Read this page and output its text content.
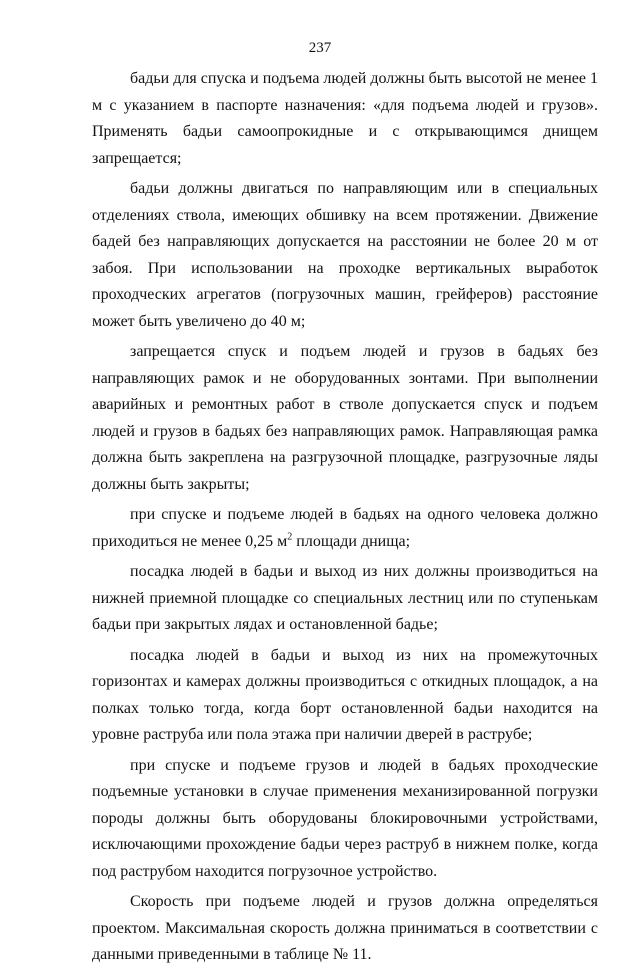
237

бадьи для спуска и подъема людей должны быть высотой не менее 1 м с указанием в паспорте назначения: «для подъема людей и грузов». Применять бадьи самоопрокидные и с открывающимся днищем запрещается;

бадьи должны двигаться по направляющим или в специальных отделениях ствола, имеющих обшивку на всем протяжении. Движение бадей без направляющих допускается на расстоянии не более 20 м от забоя. При использовании на проходке вертикальных выработок проходческих агрегатов (погрузочных машин, грейферов) расстояние может быть увеличено до 40 м;

запрещается спуск и подъем людей и грузов в бадьях без направляющих рамок и не оборудованных зонтами. При выполнении аварийных и ремонтных работ в стволе допускается спуск и подъем людей и грузов в бадьях без направляющих рамок. Направляющая рамка должна быть закреплена на разгрузочной площадке, разгрузочные ляды должны быть закрыты;

при спуске и подъеме людей в бадьях на одного человека должно приходиться не менее 0,25 $м^2$ площади днища;

посадка людей в бадьи и выход из них должны производиться на нижней приемной площадке со специальных лестниц или по ступенькам бадьи при закрытых лядах и остановленной бадье;

посадка людей в бадьи и выход из них на промежуточных горизонтах и камерах должны производиться с откидных площадок, а на полках только тогда, когда борт остановленной бадьи находится на уровне раструба или пола этажа при наличии дверей в раструбе;

при спуске и подъеме грузов и людей в бадьях проходческие подъемные установки в случае применения механизированной погрузки породы должны быть оборудованы блокировочными устройствами, исключающими прохождение бадьи через раструб в нижнем полке, когда под раструбом находится погрузочное устройство.

Скорость при подъеме людей и грузов должна определяться проектом. Максимальная скорость должна приниматься в соответствии с данными приведенными в таблице № 11.
